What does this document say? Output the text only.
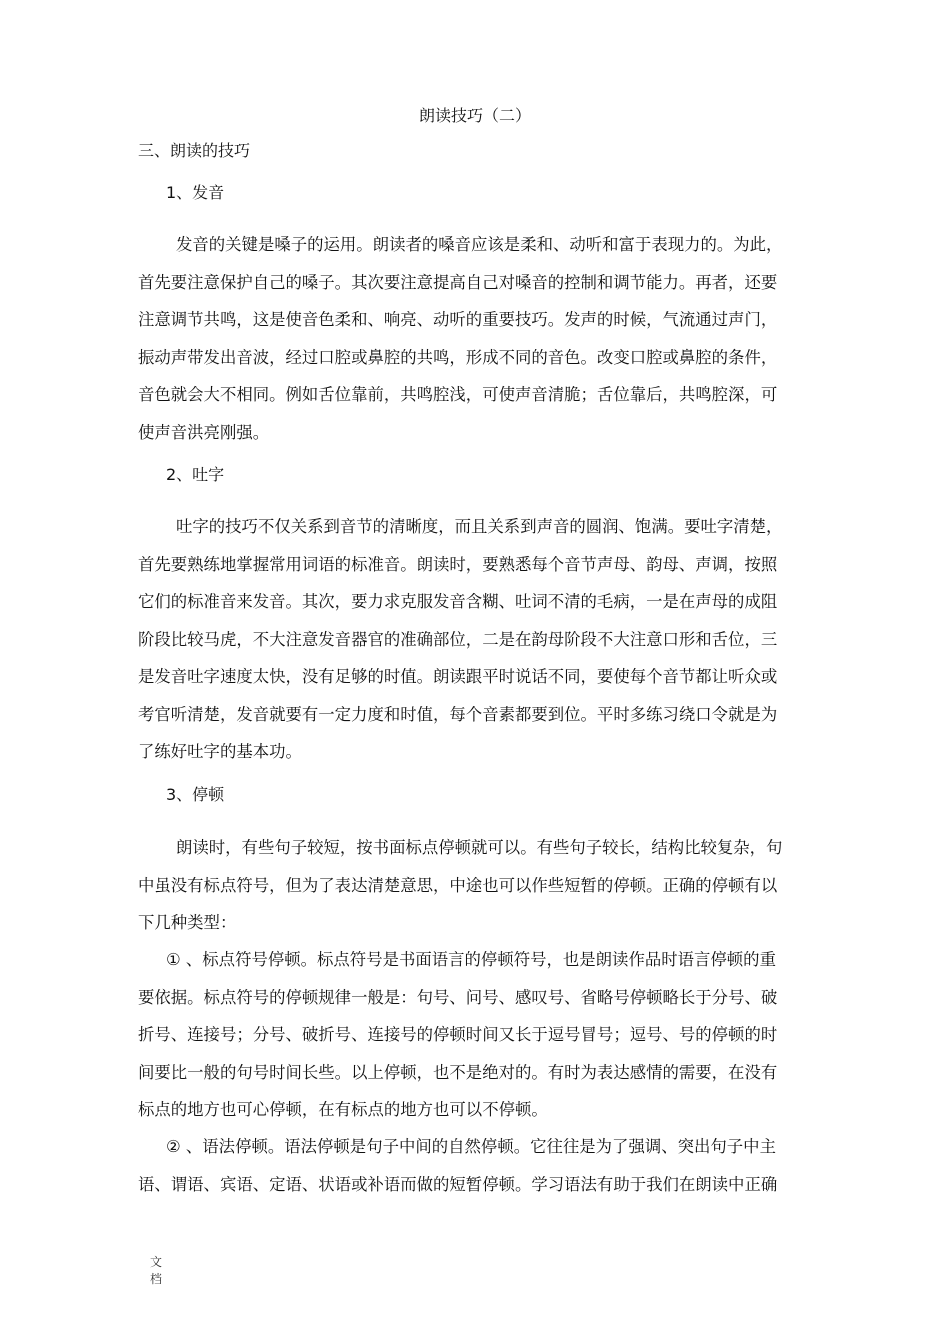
朗读技巧（二）
三、朗读的技巧
1、发音

发音的关键是嗓子的运用。朗读者的嗓音应该是柔和、动听和富于表现力的。为此，
首先要注意保护自己的嗓子。其次要注意提高自己对嗓音的控制和调节能力。再者，还要
注意调节共鸣，这是使音色柔和、响亮、动听的重要技巧。发声的时候，气流通过声门，
振动声带发出音波，经过口腔或鼻腔的共鸣，形成不同的音色。改变口腔或鼻腔的条件，
音色就会大不相同。例如舌位靠前，共鸣腔浅，可使声音清脆；舌位靠后，共鸣腔深，可
使声音洪亮刚强。

2、吐字

吐字的技巧不仅关系到音节的清晰度，而且关系到声音的圆润、饱满。要吐字清楚，
首先要熟练地掌握常用词语的标准音。朗读时，要熟悉每个音节声母、韵母、声调，按照
它们的标准音来发音。其次，要力求克服发音含糊、吐词不清的毛病，一是在声母的成阻
阶段比较马虎，不大注意发音器官的准确部位，二是在韵母阶段不大注意口形和舌位，三
是发音吐字速度太快，没有足够的时值。朗读跟平时说话不同，要使每个音节都让听众或
考官听清楚，发音就要有一定力度和时值，每个音素都要到位。平时多练习绕口令就是为
了练好吐字的基本功。

3、停顿

朗读时，有些句子较短，按书面标点停顿就可以。有些句子较长，结构比较复杂，句
中虽没有标点符号，但为了表达清楚意思，中途也可以作些短暂的停顿。正确的停顿有以
下几种类型：

① 、标点符号停顿。标点符号是书面语言的停顿符号，也是朗读作品时语言停顿的重
要依据。标点符号的停顿规律一般是：句号、问号、感叹号、省略号停顿略长于分号、破
折号、连接号；分号、破折号、连接号的停顿时间又长于逗号冒号；逗号、号的停顿的时
间要比一般的句号时间长些。以上停顿，也不是绝对的。有时为表达感情的需要，在没有
标点的地方也可心停顿，在有标点的地方也可以不停顿。

② 、语法停顿。语法停顿是句子中间的自然停顿。它往往是为了强调、突出句子中主
语、谓语、宾语、定语、状语或补语而做的短暂停顿。学习语法有助于我们在朗读中正确

文
档
